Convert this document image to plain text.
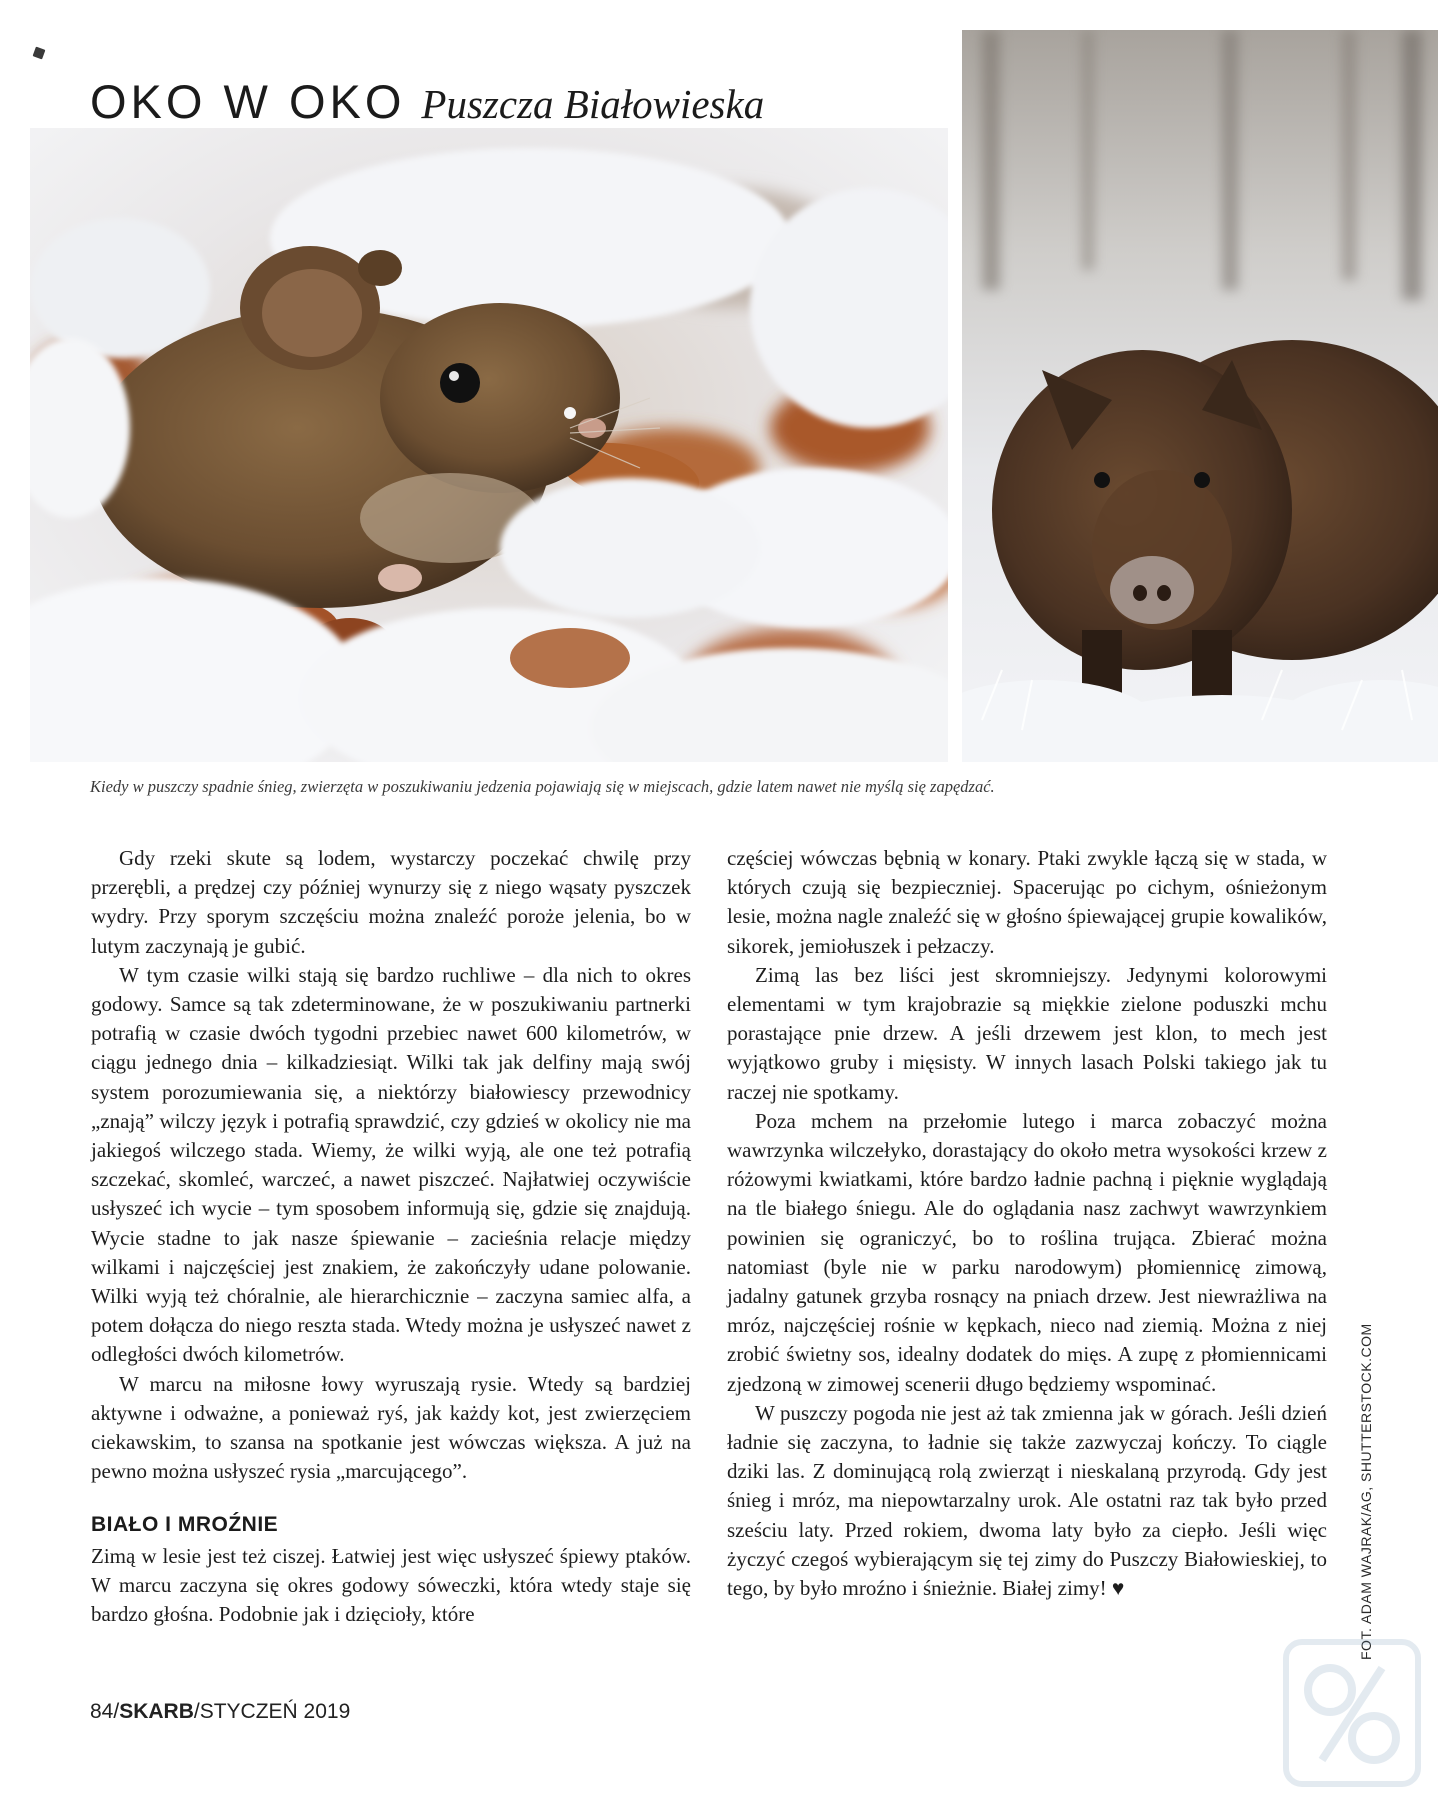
OKO W OKO Puszcza Białowieska
Kiedy w puszczy spadnie śnieg, zwierzęta w poszukiwaniu jedzenia pojawiają się w miejscach, gdzie latem nawet nie myślą się zapędzać.

Gdy rzeki skute są lodem, wystarczy poczekać chwilę przy przerębli, a prędzej czy później wynurzy się z niego wąsaty pyszczek wydry. Przy sporym szczęściu można znaleźć poroże jelenia, bo w lutym zaczynają je gubić.

W tym czasie wilki stają się bardzo ruchliwe – dla nich to okres godowy. Samce są tak zdeterminowane, że w poszukiwaniu partnerki potrafią w czasie dwóch tygodni przebiec nawet 600 kilometrów, w ciągu jednego dnia – kilkadziesiąt. Wilki tak jak delfiny mają swój system porozumiewania się, a niektórzy białowiescy przewodnicy „znają” wilczy język i potrafią sprawdzić, czy gdzieś w okolicy nie ma jakiegoś wilczego stada. Wiemy, że wilki wyją, ale one też potrafią szczekać, skomleć, warczeć, a nawet piszczeć. Najłatwiej oczywiście usłyszeć ich wycie – tym sposobem informują się, gdzie się znajdują. Wycie stadne to jak nasze śpiewanie – zacieśnia relacje między wilkami i najczęściej jest znakiem, że zakończyły udane polowanie. Wilki wyją też chóralnie, ale hierarchicznie – zaczyna samiec alfa, a potem dołącza do niego reszta stada. Wtedy można je usłyszeć nawet z odległości dwóch kilometrów.

W marcu na miłosne łowy wyruszają rysie. Wtedy są bardziej aktywne i odważne, a ponieważ ryś, jak każdy kot, jest zwierzęciem ciekawskim, to szansa na spotkanie jest wówczas większa. A już na pewno można usłyszeć rysia „marcującego”.

BIAŁO I MROŹNIE

Zimą w lesie jest też ciszej. Łatwiej jest więc usłyszeć śpiewy ptaków. W marcu zaczyna się okres godowy sóweczki, która wtedy staje się bardzo głośna. Podobnie jak i dzięcioły, które

częściej wówczas bębnią w konary. Ptaki zwykle łączą się w stada, w których czują się bezpieczniej. Spacerując po cichym, ośnieżonym lesie, można nagle znaleźć się w głośno śpiewającej grupie kowalików, sikorek, jemiołuszek i pełzaczy.

Zimą las bez liści jest skromniejszy. Jedynymi kolorowymi elementami w tym krajobrazie są miękkie zielone poduszki mchu porastające pnie drzew. A jeśli drzewem jest klon, to mech jest wyjątkowo gruby i mięsisty. W innych lasach Polski takiego jak tu raczej nie spotkamy.

Poza mchem na przełomie lutego i marca zobaczyć można wawrzynka wilczełyko, dorastający do około metra wysokości krzew z różowymi kwiatkami, które bardzo ładnie pachną i pięknie wyglądają na tle białego śniegu. Ale do oglądania nasz zachwyt wawrzynkiem powinien się ograniczyć, bo to roślina trująca. Zbierać można natomiast (byle nie w parku narodowym) płomiennicę zimową, jadalny gatunek grzyba rosnący na pniach drzew. Jest niewrażliwa na mróz, najczęściej rośnie w kępkach, nieco nad ziemią. Można z niej zrobić świetny sos, idealny dodatek do mięs. A zupę z płomiennicami zjedzoną w zimowej scenerii długo będziemy wspominać.

W puszczy pogoda nie jest aż tak zmienna jak w górach. Jeśli dzień ładnie się zaczyna, to ładnie się także zazwyczaj kończy. To ciągle dziki las. Z dominującą rolą zwierząt i nieskalaną przyrodą. Gdy jest śnieg i mróz, ma niepowtarzalny urok. Ale ostatni raz tak było przed sześciu laty. Przed rokiem, dwoma laty było za ciepło. Jeśli więc życzyć czegoś wybierającym się tej zimy do Puszczy Białowieskiej, to tego, by było mroźno i śnieżnie. Białej zimy! ♥	FOT. ADAM WAJRAK/AG, SHUTTERSTOCK.COM
84/SKARB/STYCZEŃ 2019
